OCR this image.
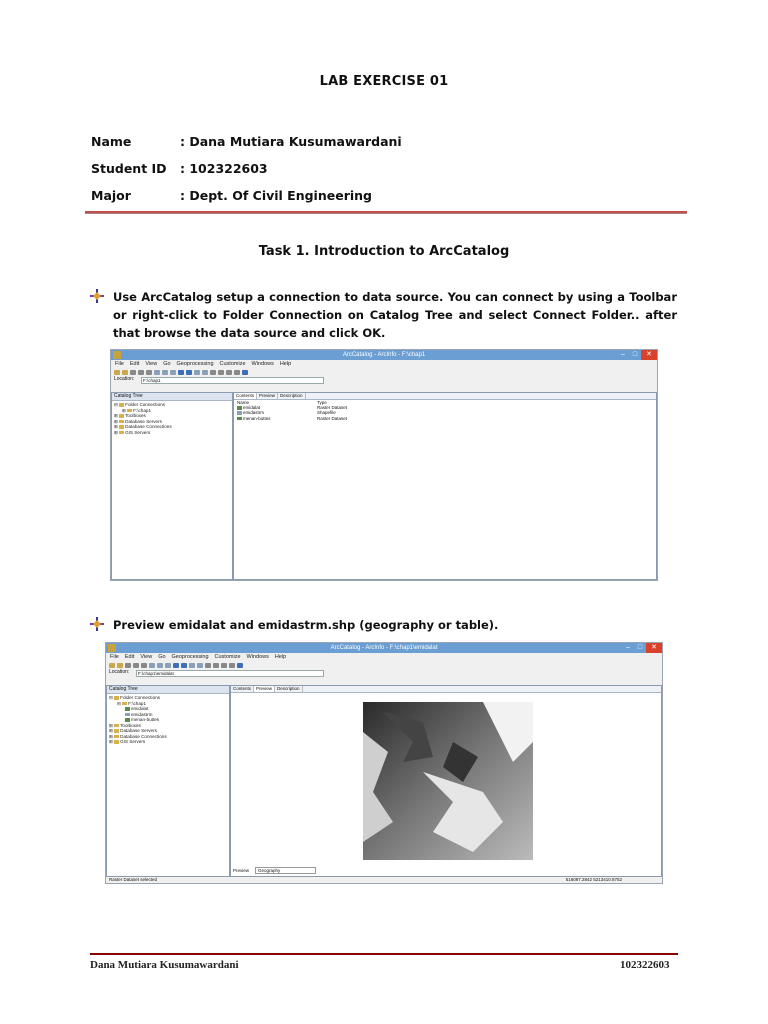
LAB EXERCISE 01
Name	: Dana Mutiara Kusumawardani
Student ID : 102322603
Major	: Dept. Of Civil Engineering
Task 1. Introduction to ArcCatalog
Use ArcCatalog setup a connection to data source. You can connect by using a Toolbar or right-click to Folder Connection on Catalog Tree and select Connect Folder.. after that browse the data source and click OK.
ArcCatalog - ArcInfo - F:\chap1	–	□	✕
File Edit View Go Geoprocessing Customize Windows Help
Location:	F:\chap1
Catalog Tree
⊟ Folder Connections
⊞ F:\chap1
⊞ Toolboxes
⊞ Database Servers
⊞ Database Connections
⊞ GIS Servers
Contents	Preview	Description
Name	Type
emidalat	Raster Dataset
emidastrm	Shapefile
menan-buttes	Raster Dataset
Preview emidalat and emidastrm.shp (geography or table).
ArcCatalog - ArcInfo - F:\chap1\emidalat	–	□	✕
File Edit View Go Geoprocessing Customize Windows Help
Location:	F:\chap1\emidalat
Catalog Tree
⊟ Folder Connections
⊟ F:\chap1
emidalat
emidastrm
menan-buttes
⊞ Toolboxes
⊞ Database Servers
⊞ Database Connections
⊞ GIS Servers
Contents	Preview	Description
Preview	Geography
Raster Dataset selected	516097.2842 5213410.8752
Dana Mutiara Kusumawardani	102322603
